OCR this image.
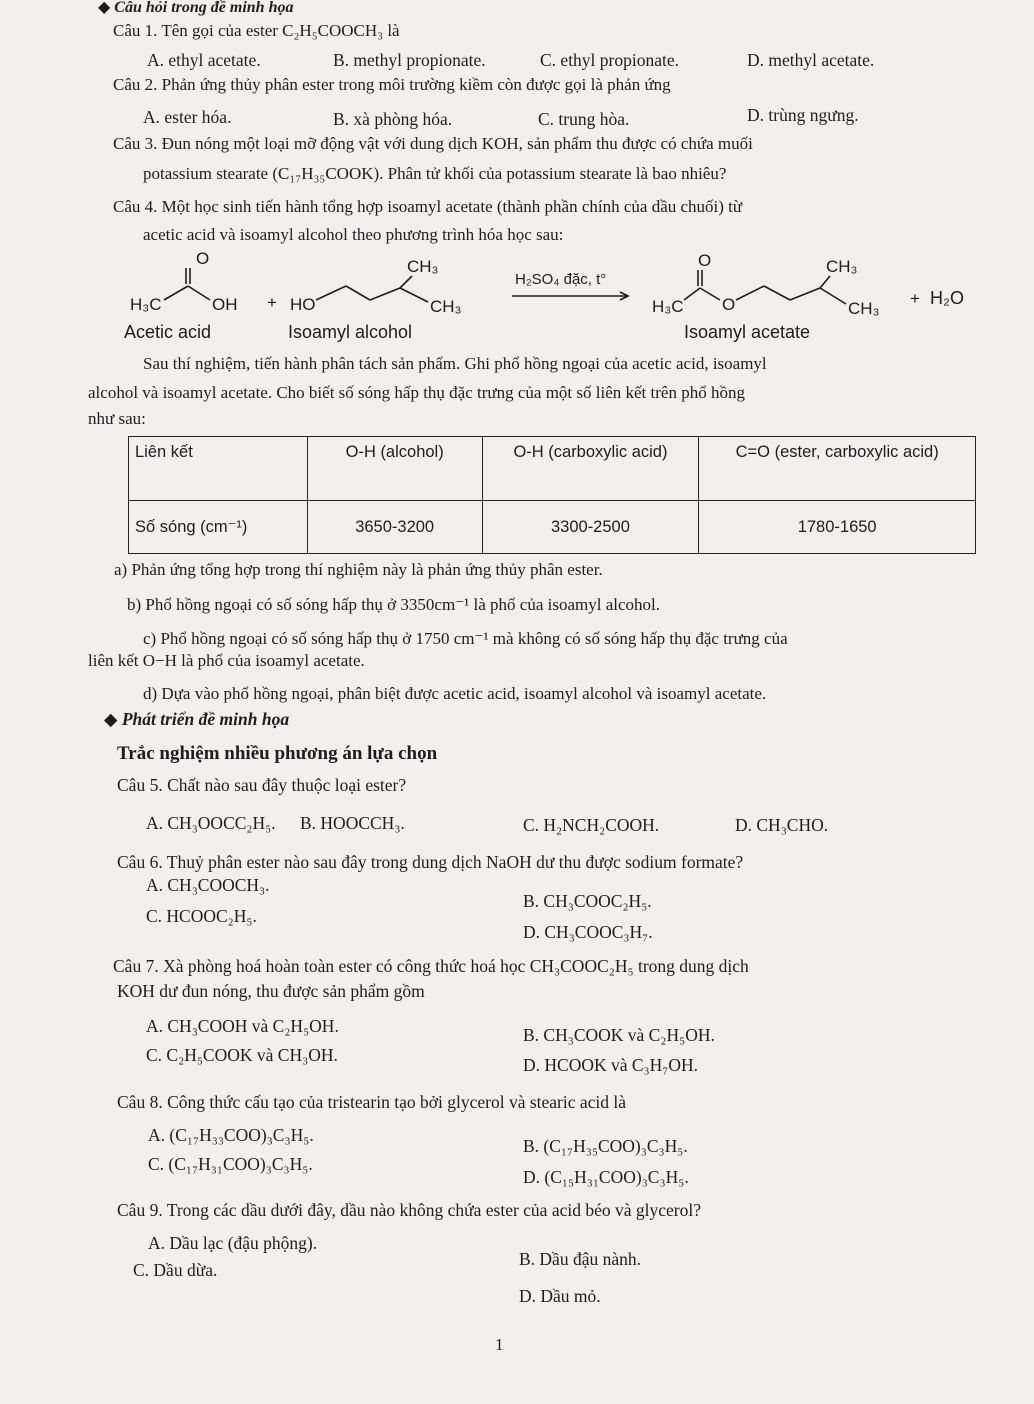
◆ Câu hỏi trong đề minh họa
Câu 1. Tên gọi của ester C₂H₅COOCH₃ là
A. ethyl acetate.	B. methyl propionate.	C. ethyl propionate.	D. methyl acetate.
Câu 2. Phản ứng thủy phân ester trong môi trường kiềm còn được gọi là phản ứng
A. ester hóa.	B. xà phòng hóa.	C. trung hòa.	D. trùng ngưng.
Câu 3. Đun nóng một loại mỡ động vật với dung dịch KOH, sản phẩm thu được có chứa muối
potassium stearate (C₁₇H₃₅COOK). Phân tử khối của potassium stearate là bao nhiêu?
Câu 4. Một học sinh tiến hành tổng hợp isoamyl acetate (thành phần chính của dầu chuối) từ
acetic acid và isoamyl alcohol theo phương trình hóa học sau:
H₃C
O
OH
Acetic acid
+ HO
CH₃
CH₃
Isoamyl alcohol
H₂SO₄ đặc, t°
H₃C
O
O
CH₃
CH₃
+ H₂O
Isoamyl acetate
Sau thí nghiệm, tiến hành phân tách sản phẩm. Ghi phổ hồng ngoại của acetic acid, isoamyl
alcohol và isoamyl acetate. Cho biết số sóng hấp thụ đặc trưng của một số liên kết trên phổ hồng
như sau:
Liên kết	O-H (alcohol)	O-H (carboxylic acid)	C=O (ester, carboxylic acid)
Số sóng (cm⁻¹)	3650-3200	3300-2500	1780-1650
a) Phản ứng tổng hợp trong thí nghiệm này là phản ứng thủy phân ester.
b) Phổ hồng ngoại có số sóng hấp thụ ở 3350cm⁻¹ là phổ của isoamyl alcohol.
c) Phổ hồng ngoại có số sóng hấp thụ ở 1750 cm⁻¹ mà không có số sóng hấp thụ đặc trưng của
liên kết O−H là phổ của isoamyl acetate.
d) Dựa vào phổ hồng ngoại, phân biệt được acetic acid, isoamyl alcohol và isoamyl acetate.
◆ Phát triển đề minh họa
Trắc nghiệm nhiều phương án lựa chọn
Câu 5. Chất nào sau đây thuộc loại ester?
A. CH₃OOCC₂H₅. B. HOOCCH₃.	C. H₂NCH₂COOH.	D. CH₃CHO.
Câu 6. Thuỷ phân ester nào sau đây trong dung dịch NaOH dư thu được sodium formate?
A. CH₃COOCH₃.
B. CH₃COOC₂H₅.
C. HCOOC₂H₅.
D. CH₃COOC₃H₇.
Câu 7. Xà phòng hoá hoàn toàn ester có công thức hoá học CH₃COOC₂H₅ trong dung dịch
KOH dư đun nóng, thu được sản phẩm gồm
A. CH₃COOH và C₂H₅OH.	B. CH₃COOK và C₂H₅OH.
C. C₂H₅COOK và CH₃OH.	D. HCOOK và C₃H₇OH.
Câu 8. Công thức cấu tạo của tristearin tạo bởi glycerol và stearic acid là
A. (C₁₇H₃₃COO)₃C₃H₅.
B. (C₁₇H₃₅COO)₃C₃H₅.
C. (C₁₇H₃₁COO)₃C₃H₅.
D. (C₁₅H₃₁COO)₃C₃H₅.
Câu 9. Trong các dầu dưới đây, dầu nào không chứa ester của acid béo và glycerol?
A. Dầu lạc (đậu phộng).
B. Dầu đậu nành.
C. Dầu dừa.
D. Dầu mỏ.
1
